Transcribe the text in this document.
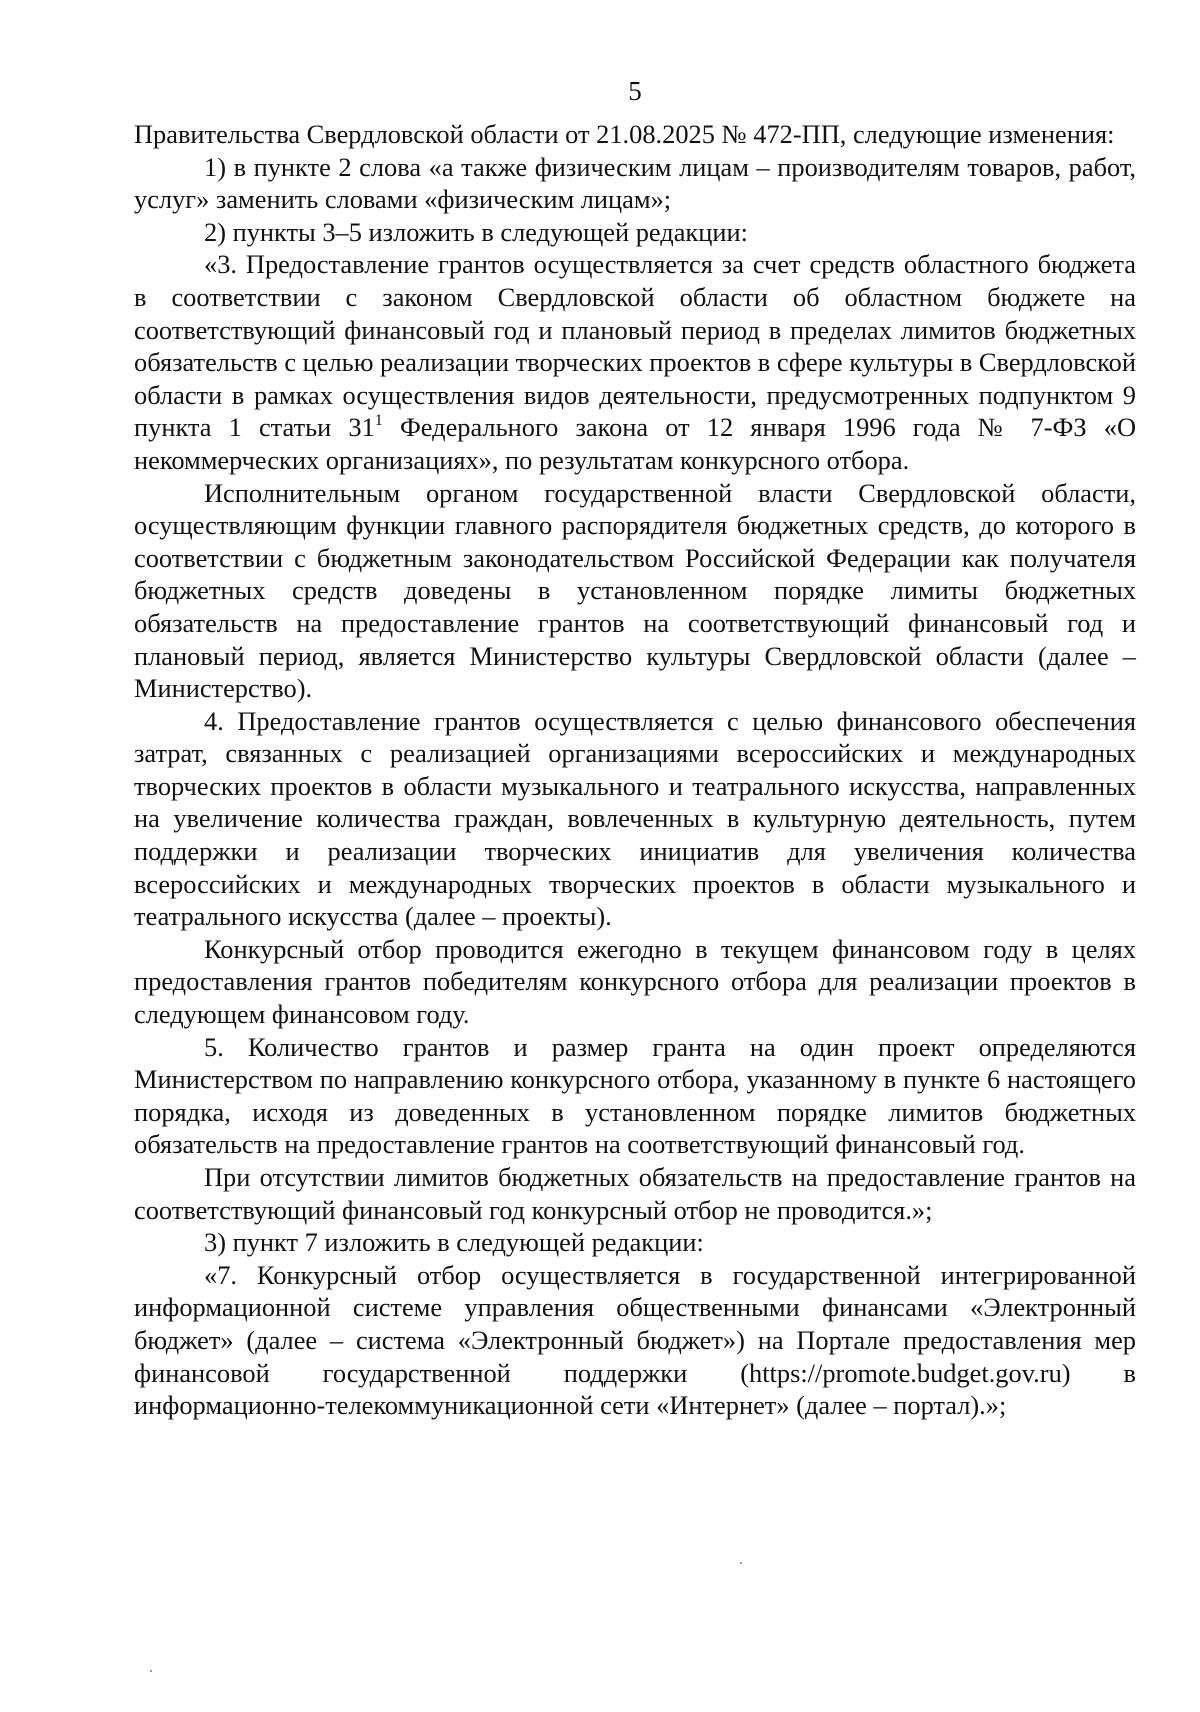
5

Правительства Свердловской области от 21.08.2025 № 472-ПП, следующие изменения:

1) в пункте 2 слова «а также физическим лицам – производителям товаров, работ, услуг» заменить словами «физическим лицам»;

2) пункты 3–5 изложить в следующей редакции:

«3. Предоставление грантов осуществляется за счет средств областного бюджета в соответствии с законом Свердловской области об областном бюджете на соответствующий финансовый год и плановый период в пределах лимитов бюджетных обязательств с целью реализации творческих проектов в сфере культуры в Свердловской области в рамках осуществления видов деятельности, предусмотренных подпунктом 9 пункта 1 статьи $31^1$ Федерального закона от 12 января 1996 года № 7-ФЗ «О некоммерческих организациях», по результатам конкурсного отбора.

Исполнительным органом государственной власти Свердловской области, осуществляющим функции главного распорядителя бюджетных средств, до которого в соответствии с бюджетным законодательством Российской Федерации как получателя бюджетных средств доведены в установленном порядке лимиты бюджетных обязательств на предоставление грантов на соответствующий финансовый год и плановый период, является Министерство культуры Свердловской области (далее – Министерство).

4. Предоставление грантов осуществляется с целью финансового обеспечения затрат, связанных с реализацией организациями всероссийских и международных творческих проектов в области музыкального и театрального искусства, направленных на увеличение количества граждан, вовлеченных в культурную деятельность, путем поддержки и реализации творческих инициатив для увеличения количества всероссийских и международных творческих проектов в области музыкального и театрального искусства (далее – проекты).

Конкурсный отбор проводится ежегодно в текущем финансовом году в целях предоставления грантов победителям конкурсного отбора для реализации проектов в следующем финансовом году.

5. Количество грантов и размер гранта на один проект определяются Министерством по направлению конкурсного отбора, указанному в пункте 6 настоящего порядка, исходя из доведенных в установленном порядке лимитов бюджетных обязательств на предоставление грантов на соответствующий финансовый год.

При отсутствии лимитов бюджетных обязательств на предоставление грантов на соответствующий финансовый год конкурсный отбор не проводится.»;

3) пункт 7 изложить в следующей редакции:

«7. Конкурсный отбор осуществляется в государственной интегрированной информационной системе управления общественными финансами «Электронный бюджет» (далее – система «Электронный бюджет») на Портале предоставления мер финансовой государственной поддержки (https://promote.budget.gov.ru) в информационно-телекоммуникационной сети «Интернет» (далее – портал).»;
